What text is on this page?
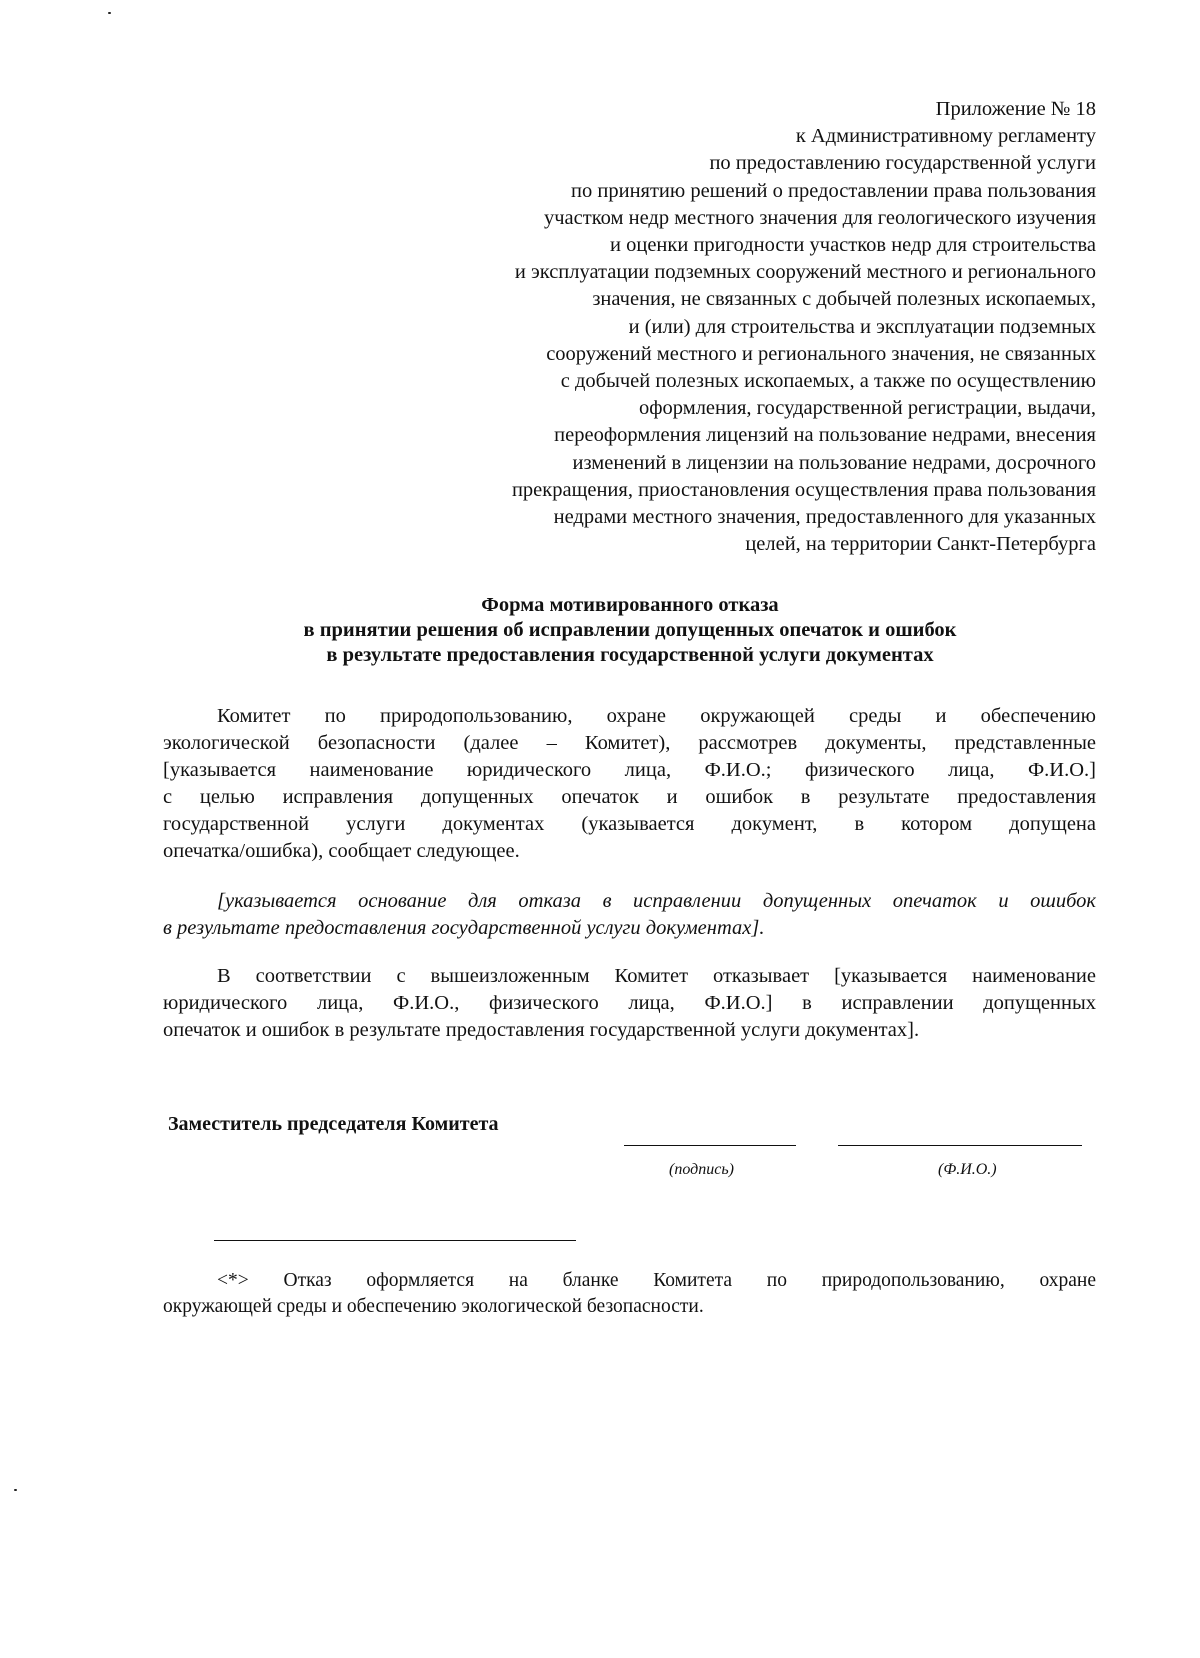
Приложение № 18
к Административному регламенту
по предоставлению государственной услуги
по принятию решений о предоставлении права пользования
участком недр местного значения для геологического изучения
и оценки пригодности участков недр для строительства
и эксплуатации подземных сооружений местного и регионального
значения, не связанных с добычей полезных ископаемых,
и (или) для строительства и эксплуатации подземных
сооружений местного и регионального значения, не связанных
с добычей полезных ископаемых, а также по осуществлению
оформления, государственной регистрации, выдачи,
переоформления лицензий на пользование недрами, внесения
изменений в лицензии на пользование недрами, досрочного
прекращения, приостановления осуществления права пользования
недрами местного значения, предоставленного для указанных
целей, на территории Санкт-Петербурга
Форма мотивированного отказа
в принятии решения об исправлении допущенных опечаток и ошибок
в результате предоставления государственной услуги документах
Комитет по природопользованию, охране окружающей среды и обеспечению
экологической безопасности (далее – Комитет), рассмотрев документы, представленные
[указывается наименование юридического лица, Ф.И.О.; физического лица, Ф.И.О.]
с целью исправления допущенных опечаток и ошибок в результате предоставления
государственной услуги документах (указывается документ, в котором допущена
опечатка/ошибка), сообщает следующее.
[указывается основание для отказа в исправлении допущенных опечаток и ошибок
в результате предоставления государственной услуги документах].
В соответствии с вышеизложенным Комитет отказывает [указывается наименование
юридического лица, Ф.И.О., физического лица, Ф.И.О.] в исправлении допущенных
опечаток и ошибок в результате предоставления государственной услуги документах].
Заместитель председателя Комитета
(подпись)	(Ф.И.О.)
<*> Отказ оформляется на бланке Комитета по природопользованию, охране
окружающей среды и обеспечению экологической безопасности.
